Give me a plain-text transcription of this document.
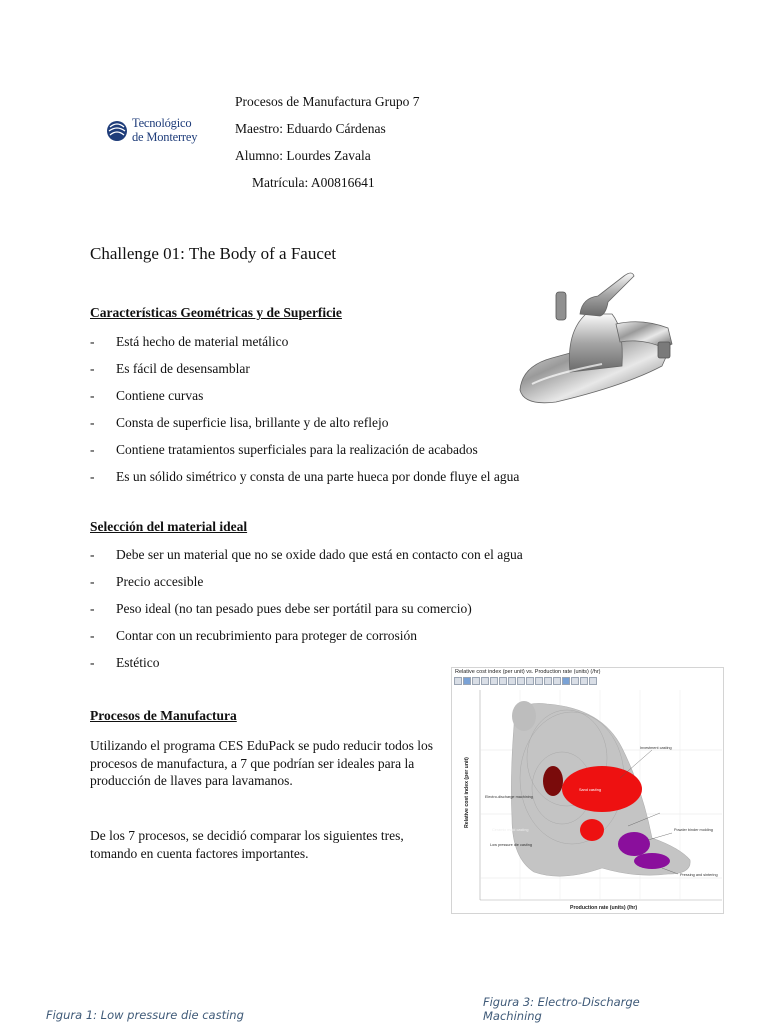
Tecnológico
de Monterrey
Procesos de Manufactura Grupo 7
Maestro: Eduardo Cárdenas
Alumno: Lourdes Zavala
Matrícula: A00816641
Challenge 01: The Body of a Faucet
Características Geométricas y de Superficie
-	Está hecho de material metálico
-	Es fácil de desensamblar
-	Contiene curvas
-	Consta de superficie lisa, brillante y de alto reflejo
-	Contiene tratamientos superficiales para la realización de acabados
-	Es un sólido simétrico y consta de una parte hueca por donde fluye el agua
Selección del material ideal
-	Debe ser un material que no se oxide dado que está en contacto con el agua
-	Precio accesible
-	Peso ideal (no tan pesado pues debe ser portátil para su comercio)
-	Contar con un recubrimiento para proteger de corrosión
-	Estético
Procesos de Manufactura
Utilizando el programa CES EduPack se pudo reducir todos los procesos de manufactura, a 7 que podrían ser ideales para la producción de llaves para lavamanos.
De los 7 procesos, se decidió comparar los siguientes tres, tomando en cuenta factores importantes.
Relative cost index (per unit) vs. Production rate (units) (/hr)
Relative cost index (per unit)
Production rate (units) (/hr)
Investment casting
Electro-discharge machining
Sand casting
Low pressure die casting
Powder binder molding
Ceramic mold casting
Pressing and sintering
Figura 1: Low pressure die casting
Figura 3: Electro-Discharge Machining
